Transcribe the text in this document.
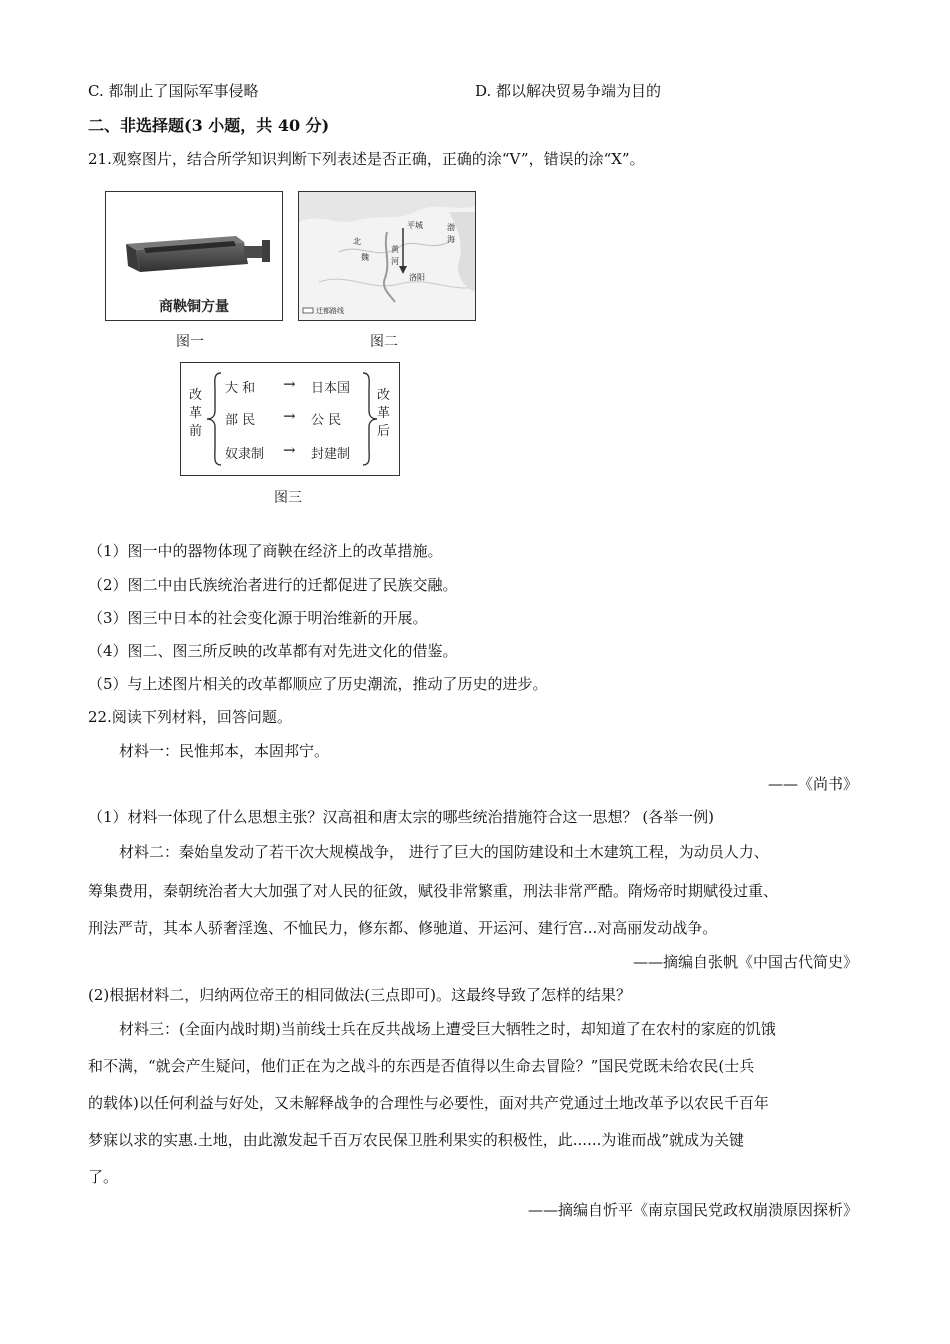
C. 都制止了国际军事侵略	D. 都以解决贸易争端为目的
二、非选择题(3 小题，共 40 分)
21.观察图片，结合所学知识判断下列表述是否正确，正确的涂“V”，错误的涂“X”。
商鞅铜方量
图一
平城
北
魏
黄
河
洛阳
渤
海
迁都路线
图二
改革前
大 和 → 日本国
部 民 → 公 民
奴隶制 → 封建制
改革后
图三
（1）图一中的器物体现了商鞅在经济上的改革措施。
（2）图二中由氏族统治者进行的迁都促进了民族交融。
（3）图三中日本的社会变化源于明治维新的开展。
（4）图二、图三所反映的改革都有对先进文化的借鉴。
（5）与上述图片相关的改革都顺应了历史潮流，推动了历史的进步。
22.阅读下列材料，回答问题。
材料一：民惟邦本，本固邦宁。
——《尚书》
（1）材料一体现了什么思想主张？汉高祖和唐太宗的哪些统治措施符合这一思想？ (各举一例)
材料二：秦始皇发动了若干次大规模战争， 进行了巨大的国防建设和土木建筑工程，为动员人力、
筹集费用，秦朝统治者大大加强了对人民的征敛，赋役非常繁重，刑法非常严酷。隋炀帝时期赋役过重、
刑法严苛，其本人骄奢淫逸、不恤民力，修东都、修驰道、开运河、建行宫...对高丽发动战争。
——摘编自张帆《中国古代简史》
(2)根据材料二，归纳两位帝王的相同做法(三点即可)。这最终导致了怎样的结果？
材料三：(全面内战时期)当前线士兵在反共战场上遭受巨大牺牲之时，却知道了在农村的家庭的饥饿
和不满，“就会产生疑问，他们正在为之战斗的东西是否值得以生命去冒险？”国民党既未给农民(士兵
的载体)以任何利益与好处，又未解释战争的合理性与必要性，面对共产党通过土地改革予以农民千百年
梦寐以求的实惠.土地，由此激发起千百万农民保卫胜利果实的积极性，此......为谁而战”就成为关键
了。
——摘编自忻平《南京国民党政权崩溃原因探析》
